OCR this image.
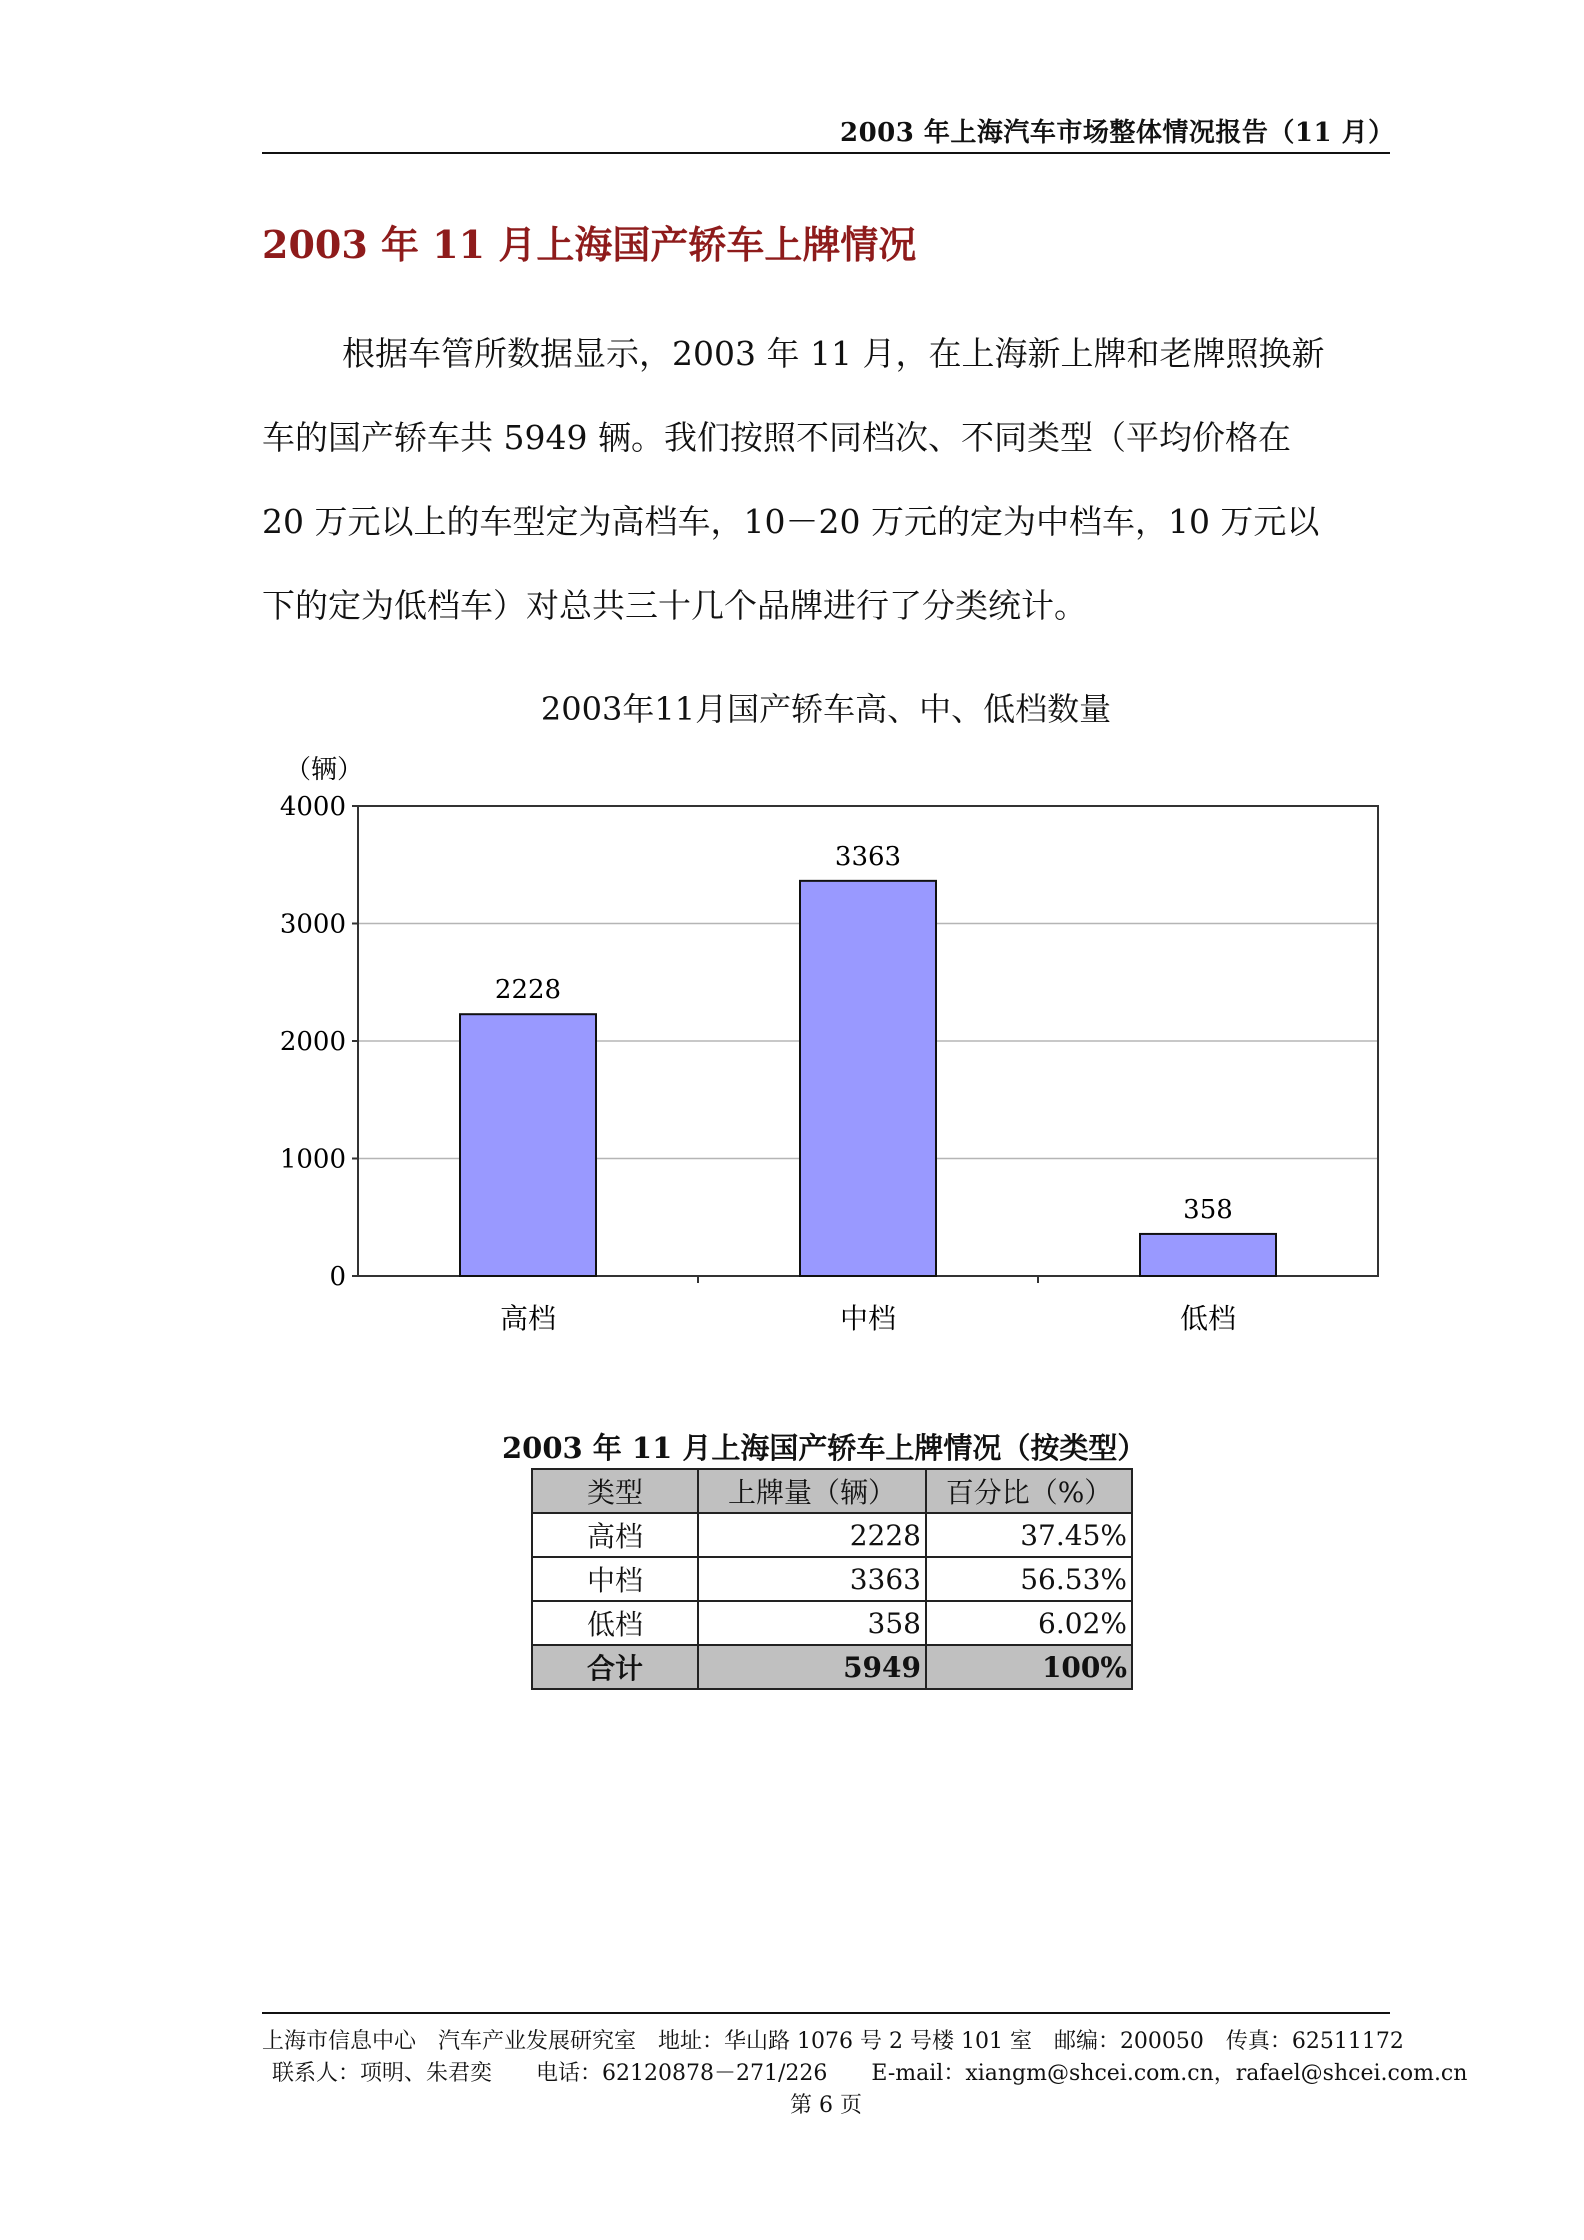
2003 年上海汽车市场整体情况报告（11 月）
2003 年 11 月上海国产轿车上牌情况
根据车管所数据显示，2003 年 11 月，在上海新上牌和老牌照换新
车的国产轿车共 5949 辆。我们按照不同档次、不同类型（平均价格在
20 万元以上的车型定为高档车，10－20 万元的定为中档车，10 万元以
下的定为低档车）对总共三十几个品牌进行了分类统计。
2003年11月国产轿车高、中、低档数量
（辆）
0
1000
2000
3000
4000
2228
3363
358
高档	中档	低档
2003 年 11 月上海国产轿车上牌情况（按类型）
类型	上牌量（辆）	百分比（%）
高档	2228	37.45%
中档	3363	56.53%
低档	358	6.02%
合计	5949	100%
上海市信息中心　汽车产业发展研究室　地址：华山路 1076 号 2 号楼 101 室　邮编：200050　传真：62511172
联系人：项明、朱君奕　　电话：62120878－271/226　　E-mail：xiangm@shcei.com.cn，rafael@shcei.com.cn
第 6 页
